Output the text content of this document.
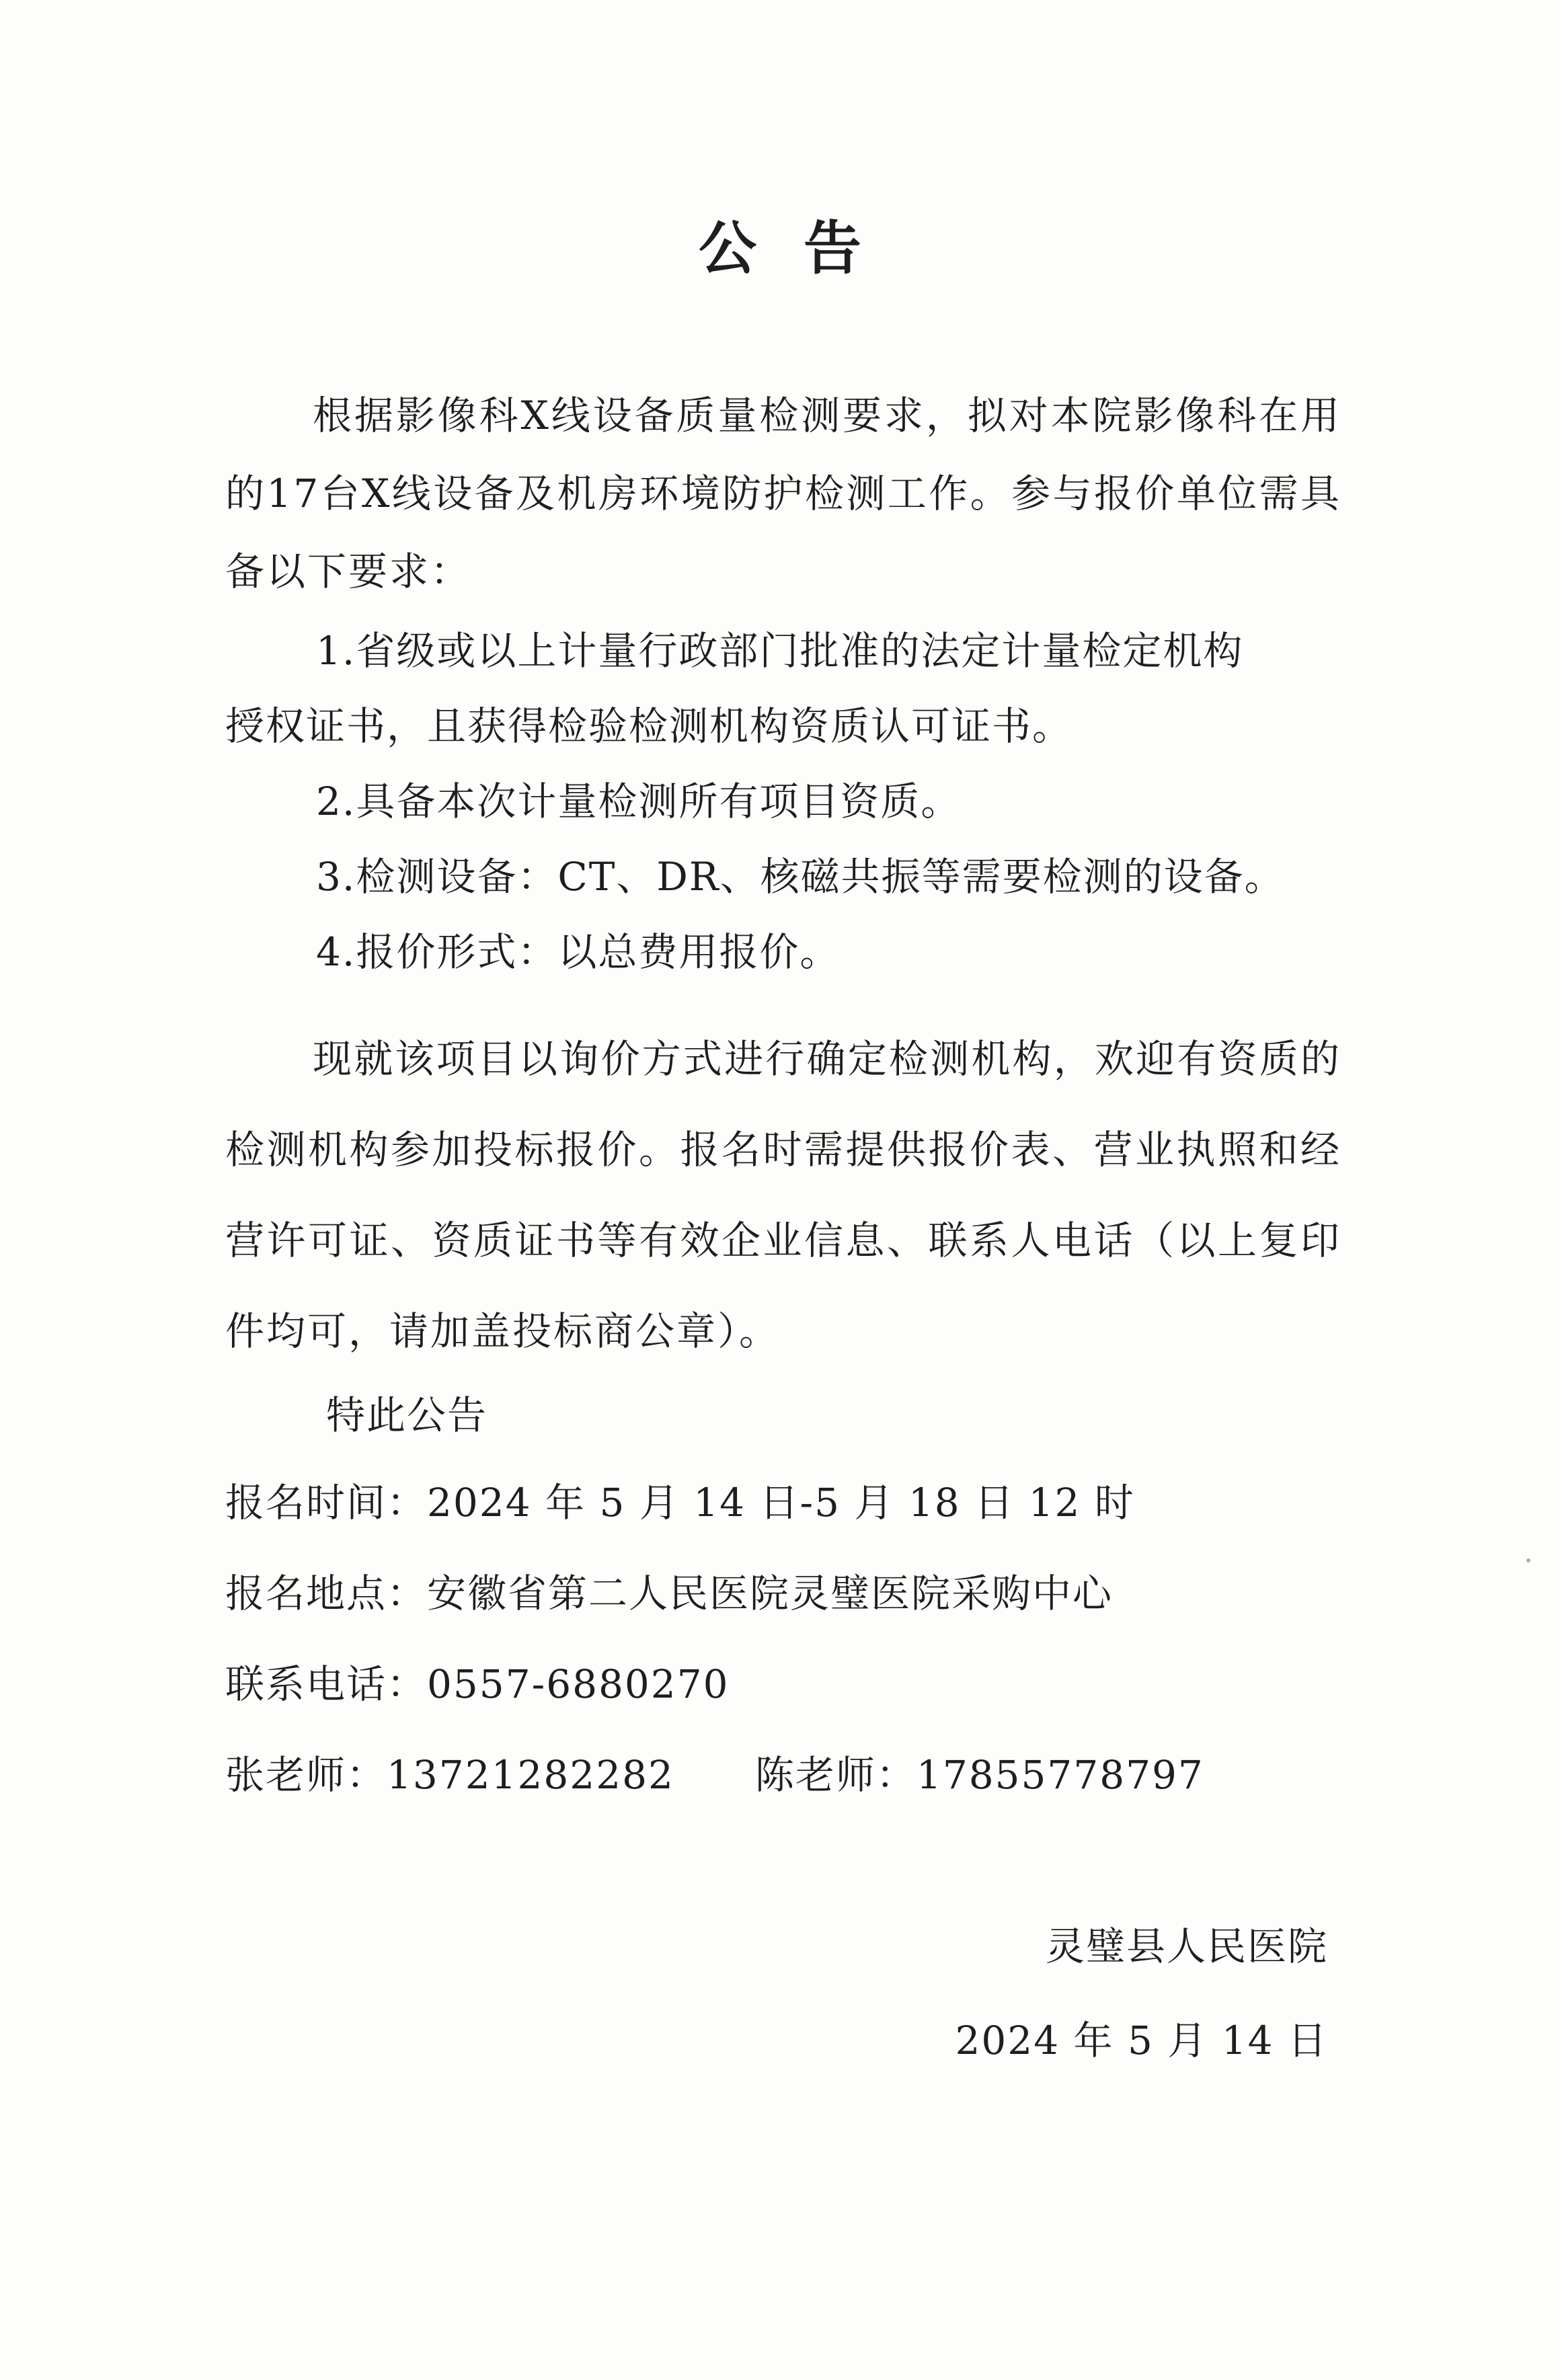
公告

根据影像科X线设备质量检测要求，拟对本院影像科在用的17台X线设备及机房环境防护检测工作。参与报价单位需具备以下要求：

1.省级或以上计量行政部门批准的法定计量检定机构
授权证书，且获得检验检测机构资质认可证书。
2.具备本次计量检测所有项目资质。
3.检测设备：CT、DR、核磁共振等需要检测的设备。
4.报价形式：以总费用报价。

现就该项目以询价方式进行确定检测机构，欢迎有资质的检测机构参加投标报价。报名时需提供报价表、营业执照和经营许可证、资质证书等有效企业信息、联系人电话（以上复印件均可，请加盖投标商公章）。

特此公告
报名时间：2024 年 5 月 14 日-5 月 18 日 12 时
报名地点：安徽省第二人民医院灵璧医院采购中心
联系电话：0557-6880270
张老师：13721282282 陈老师：17855778797
灵璧县人民医院
2024 年 5 月 14 日
